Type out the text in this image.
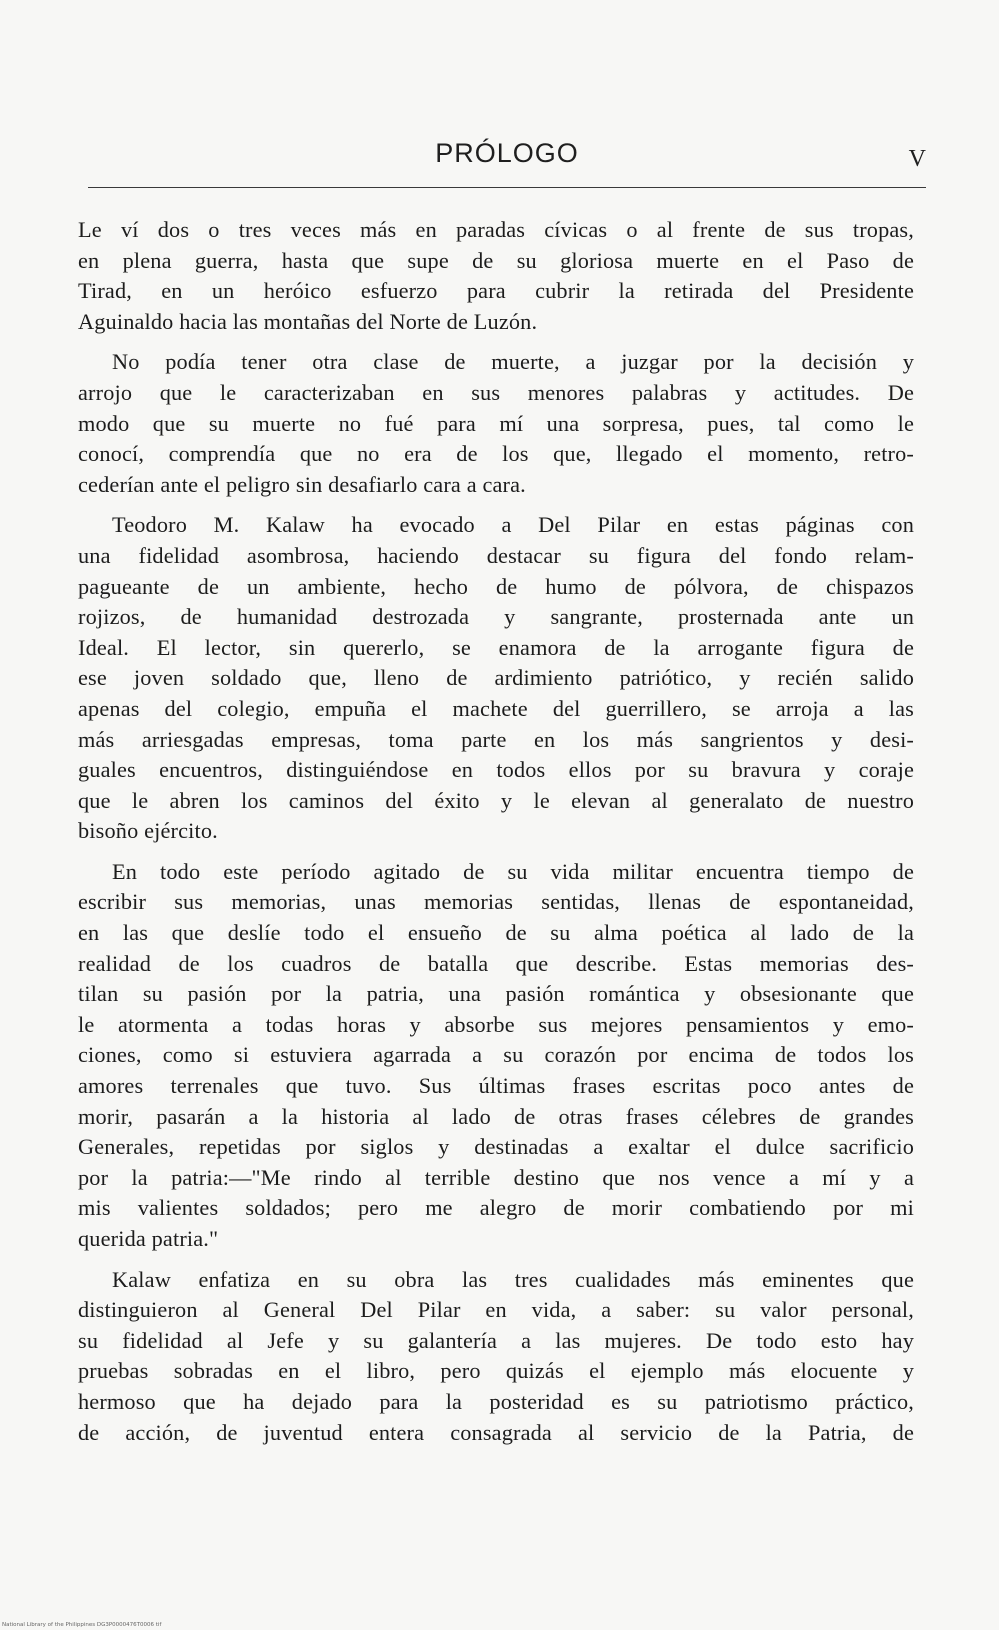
PRÓLOGO	V
Le ví dos o tres veces más en paradas cívicas o al frente de sus tropas,
en plena guerra, hasta que supe de su gloriosa muerte en el Paso de
Tirad, en un heróico esfuerzo para cubrir la retirada del Presidente
Aguinaldo hacia las montañas del Norte de Luzón.
No podía tener otra clase de muerte, a juzgar por la decisión y
arrojo que le caracterizaban en sus menores palabras y actitudes. De
modo que su muerte no fué para mí una sorpresa, pues, tal como le
conocí, comprendía que no era de los que, llegado el momento, retro-
cederían ante el peligro sin desafiarlo cara a cara.
Teodoro M. Kalaw ha evocado a Del Pilar en estas páginas con
una fidelidad asombrosa, haciendo destacar su figura del fondo relam-
pagueante de un ambiente, hecho de humo de pólvora, de chispazos
rojizos, de humanidad destrozada y sangrante, prosternada ante un
Ideal. El lector, sin quererlo, se enamora de la arrogante figura de
ese joven soldado que, lleno de ardimiento patriótico, y recién salido
apenas del colegio, empuña el machete del guerrillero, se arroja a las
más arriesgadas empresas, toma parte en los más sangrientos y desi-
guales encuentros, distinguiéndose en todos ellos por su bravura y coraje
que le abren los caminos del éxito y le elevan al generalato de nuestro
bisoño ejército.
En todo este período agitado de su vida militar encuentra tiempo de
escribir sus memorias, unas memorias sentidas, llenas de espontaneidad,
en las que deslíe todo el ensueño de su alma poética al lado de la
realidad de los cuadros de batalla que describe. Estas memorias des-
tilan su pasión por la patria, una pasión romántica y obsesionante que
le atormenta a todas horas y absorbe sus mejores pensamientos y emo-
ciones, como si estuviera agarrada a su corazón por encima de todos los
amores terrenales que tuvo. Sus últimas frases escritas poco antes de
morir, pasarán a la historia al lado de otras frases célebres de grandes
Generales, repetidas por siglos y destinadas a exaltar el dulce sacrificio
por la patria:—"Me rindo al terrible destino que nos vence a mí y a
mis valientes soldados; pero me alegro de morir combatiendo por mi
querida patria."
Kalaw enfatiza en su obra las tres cualidades más eminentes que
distinguieron al General Del Pilar en vida, a saber: su valor personal,
su fidelidad al Jefe y su galantería a las mujeres. De todo esto hay
pruebas sobradas en el libro, pero quizás el ejemplo más elocuente y
hermoso que ha dejado para la posteridad es su patriotismo práctico,
de acción, de juventud entera consagrada al servicio de la Patria, de
National Library of the Philippines DG3P0000476T0006 tif
